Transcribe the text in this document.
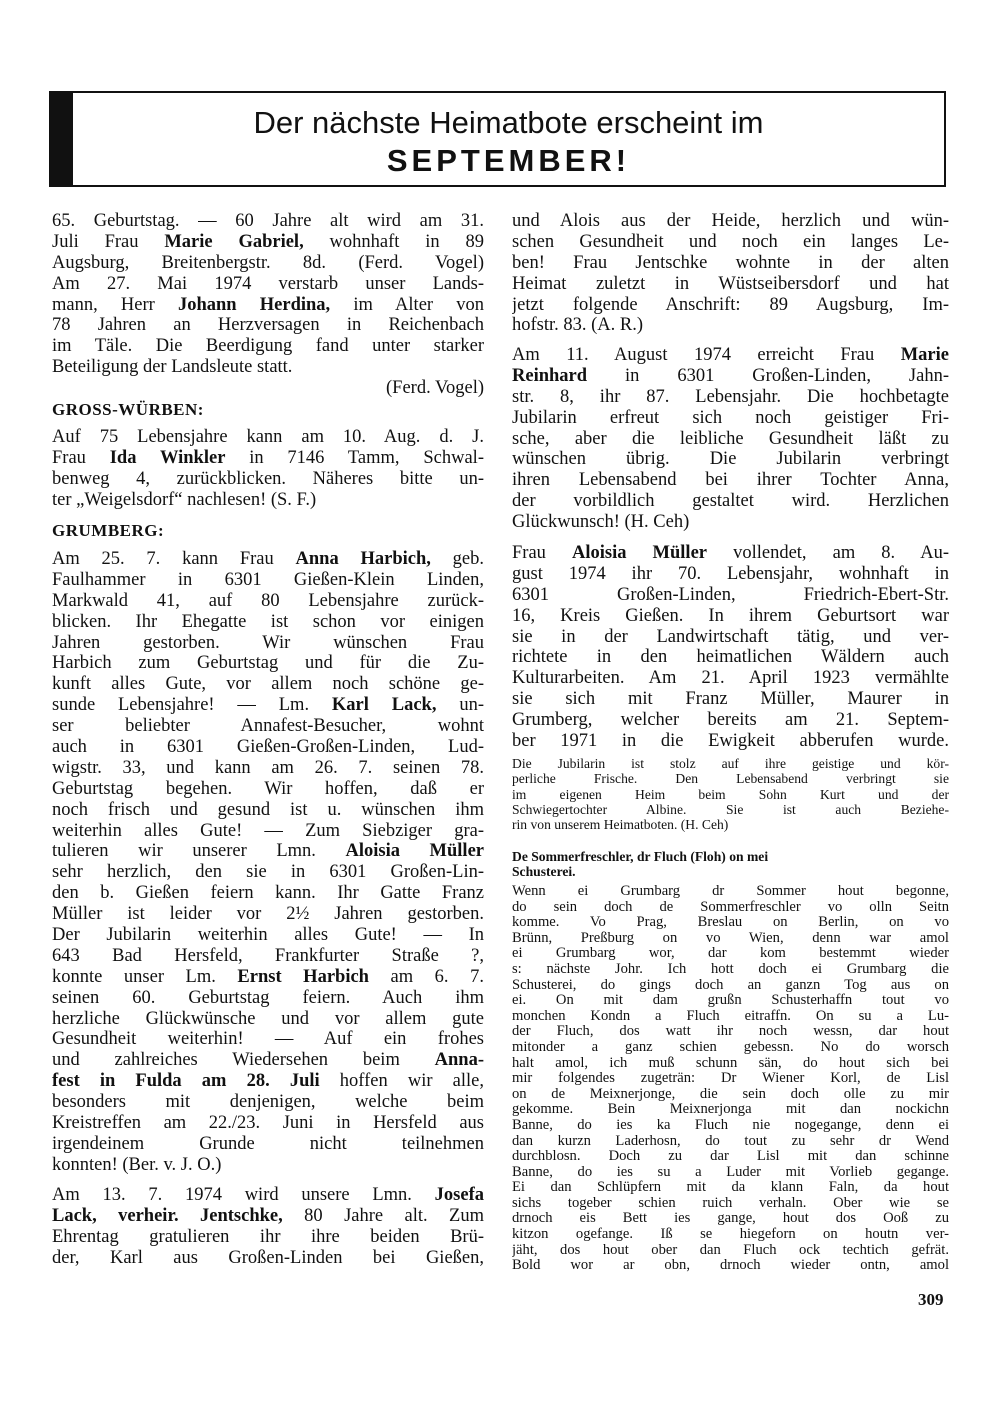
Der nächste Heimatbote erscheint im
SEPTEMBER!
65. Geburtstag. — 60 Jahre alt wird am 31.
Juli Frau Marie Gabriel, wohnhaft in 89
Augsburg, Breitenbergstr. 8d. (Ferd. Vogel)
Am 27. Mai 1974 verstarb unser Lands-
mann, Herr Johann Herdina, im Alter von
78 Jahren an Herzversagen in Reichenbach
im Täle. Die Beerdigung fand unter starker
Beteiligung der Landsleute statt.
(Ferd. Vogel)
GROSS-WÜRBEN:
Auf 75 Lebensjahre kann am 10. Aug. d. J.
Frau Ida Winkler in 7146 Tamm, Schwal-
benweg 4, zurückblicken. Näheres bitte un-
ter „Weigelsdorf“ nachlesen! (S. F.)
GRUMBERG:
Am 25. 7. kann Frau Anna Harbich, geb.
Faulhammer in 6301 Gießen-Klein Linden,
Markwald 41, auf 80 Lebensjahre zurück-
blicken. Ihr Ehegatte ist schon vor einigen
Jahren gestorben. Wir wünschen Frau
Harbich zum Geburtstag und für die Zu-
kunft alles Gute, vor allem noch schöne ge-
sunde Lebensjahre! — Lm. Karl Lack, un-
ser beliebter Annafest-Besucher, wohnt
auch in 6301 Gießen-Großen-Linden, Lud-
wigstr. 33, und kann am 26. 7. seinen 78.
Geburtstag begehen. Wir hoffen, daß er
noch frisch und gesund ist u. wünschen ihm
weiterhin alles Gute! — Zum Siebziger gra-
tulieren wir unserer Lmn. Aloisia Müller
sehr herzlich, den sie in 6301 Großen-Lin-
den b. Gießen feiern kann. Ihr Gatte Franz
Müller ist leider vor 2½ Jahren gestorben.
Der Jubilarin weiterhin alles Gute! — In
643 Bad Hersfeld, Frankfurter Straße ?,
konnte unser Lm. Ernst Harbich am 6. 7.
seinen 60. Geburtstag feiern. Auch ihm
herzliche Glückwünsche und vor allem gute
Gesundheit weiterhin! — Auf ein frohes
und zahlreiches Wiedersehen beim Anna-
fest in Fulda am 28. Juli hoffen wir alle,
besonders mit denjenigen, welche beim
Kreistreffen am 22./23. Juni in Hersfeld aus
irgendeinem Grunde nicht teilnehmen
konnten! (Ber. v. J. O.)
Am 13. 7. 1974 wird unsere Lmn. Josefa
Lack, verheir. Jentschke, 80 Jahre alt. Zum
Ehrentag gratulieren ihr ihre beiden Brü-
der, Karl aus Großen-Linden bei Gießen,
und Alois aus der Heide, herzlich und wün-
schen Gesundheit und noch ein langes Le-
ben! Frau Jentschke wohnte in der alten
Heimat zuletzt in Wüstseibersdorf und hat
jetzt folgende Anschrift: 89 Augsburg, Im-
hofstr. 83. (A. R.)
Am 11. August 1974 erreicht Frau Marie
Reinhard in 6301 Großen-Linden, Jahn-
str. 8, ihr 87. Lebensjahr. Die hochbetagte
Jubilarin erfreut sich noch geistiger Fri-
sche, aber die leibliche Gesundheit läßt zu
wünschen übrig. Die Jubilarin verbringt
ihren Lebensabend bei ihrer Tochter Anna,
der vorbildlich gestaltet wird. Herzlichen
Glückwunsch! (H. Ceh)
Frau Aloisia Müller vollendet, am 8. Au-
gust 1974 ihr 70. Lebensjahr, wohnhaft in
6301 Großen-Linden, Friedrich-Ebert-Str.
16, Kreis Gießen. In ihrem Geburtsort war
sie in der Landwirtschaft tätig, und ver-
richtete in den heimatlichen Wäldern auch
Kulturarbeiten. Am 21. April 1923 vermählte
sie sich mit Franz Müller, Maurer in
Grumberg, welcher bereits am 21. Septem-
ber 1971 in die Ewigkeit abberufen wurde.
Die Jubilarin ist stolz auf ihre geistige und kör-
perliche Frische. Den Lebensabend verbringt sie
im eigenen Heim beim Sohn Kurt und der
Schwiegertochter Albine. Sie ist auch Beziehe-
rin von unserem Heimatboten. (H. Ceh)
De Sommerfreschler, dr Fluch (Floh) on mei
Schusterei.
Wenn ei Grumbarg dr Sommer hout begonne,
do sein doch de Sommerfreschler vo olln Seitn
komme. Vo Prag, Breslau on Berlin, on vo
Brünn, Preßburg on vo Wien, denn war amol
ei Grumbarg wor, dar kom bestemmt wieder
s: nächste Johr. Ich hott doch ei Grumbarg die
Schusterei, do gings doch an ganzn Tog aus on
ei. On mit dam grußn Schusterhaffn tout vo
monchen Kondn a Fluch eitraffn. On su a Lu-
der Fluch, dos watt ihr noch wessn, dar hout
mitonder a ganz schien gebessn. No do worsch
halt amol, ich muß schunn sän, do hout sich bei
mir folgendes zugeträn: Dr Wiener Korl, de Lisl
on de Meixnerjonge, die sein doch olle zu mir
gekomme. Bein Meixnerjonga mit dan nockichn
Banne, do ies ka Fluch nie nogegange, denn ei
dan kurzn Laderhosn, do tout zu sehr dr Wend
durchblosn. Doch zu dar Lisl mit dan schinne
Banne, do ies su a Luder mit Vorlieb gegange.
Ei dan Schlüpfern mit da klann Faln, da hout
sichs togeber schien ruich verhaln. Ober wie se
drnoch eis Bett ies gange, hout dos Ooß zu
kitzon ogefange. Iß se hiegeforn on houtn ver-
jäht, dos hout ober dan Fluch ock techtich gefrät.
Bold wor ar obn, drnoch wieder ontn, amol
309
